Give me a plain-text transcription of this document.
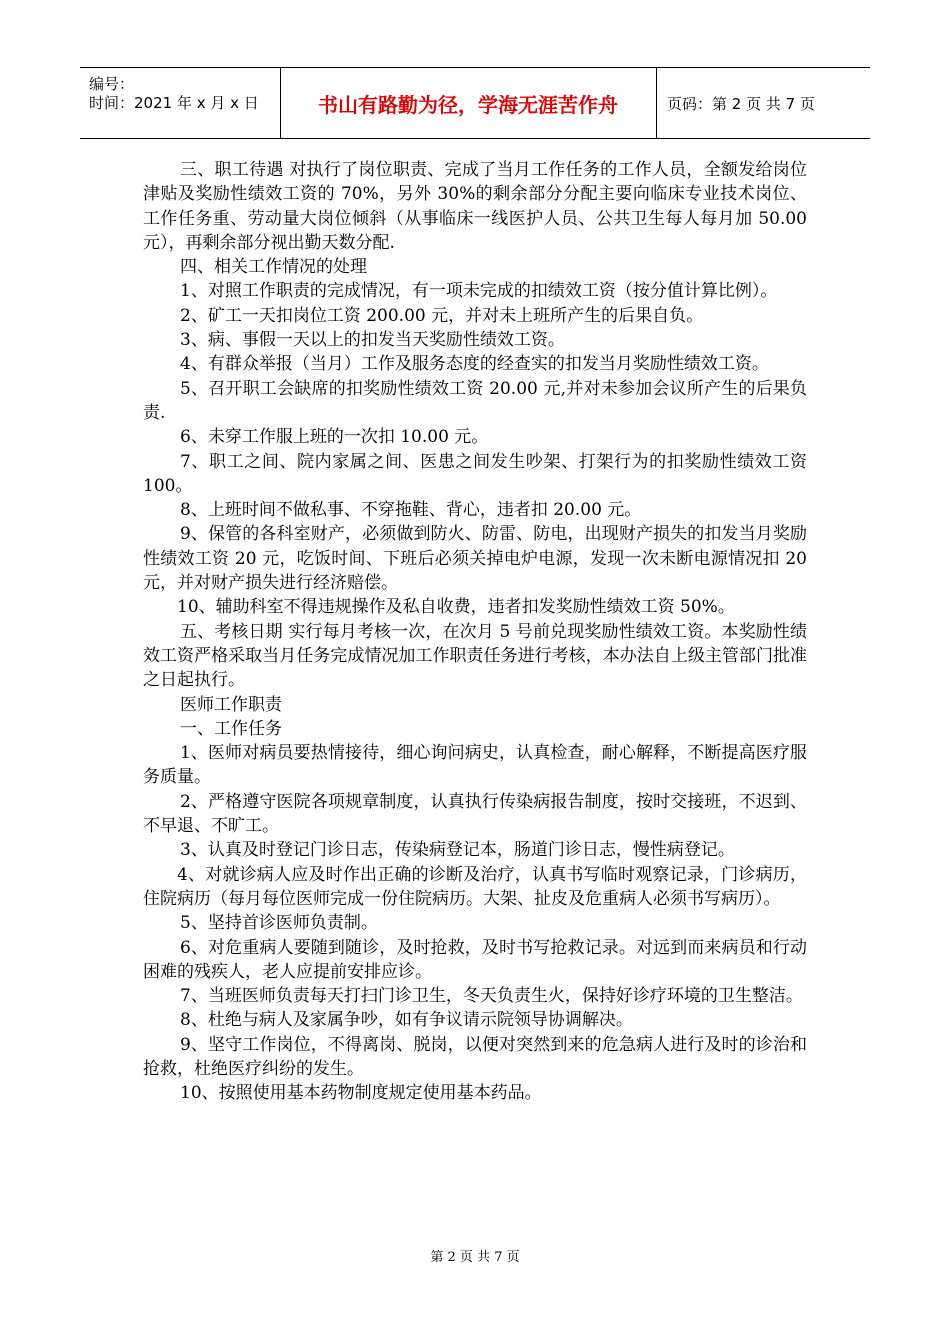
编号：
时间：2021 年 x 月 x 日	书山有路勤为径，学海无涯苦作舟	页码：第 2 页 共 7 页

三、职工待遇 对执行了岗位职责、完成了当月工作任务的工作人员，全额发给岗位津贴及奖励性绩效工资的 70%，另外 30%的剩余部分分配主要向临床专业技术岗位、工作任务重、劳动量大岗位倾斜（从事临床一线医护人员、公共卫生每人每月加 50.00 元），再剩余部分视出勤天数分配.

四、相关工作情况的处理

1、对照工作职责的完成情况，有一项未完成的扣绩效工资（按分值计算比例）。

2、矿工一天扣岗位工资 200.00 元，并对未上班所产生的后果自负。

3、病、事假一天以上的扣发当天奖励性绩效工资。

4、有群众举报（当月）工作及服务态度的经查实的扣发当月奖励性绩效工资。

5、召开职工会缺席的扣奖励性绩效工资 20.00 元,并对未参加会议所产生的后果负责.

6、未穿工作服上班的一次扣 10.00 元。

7、职工之间、院内家属之间、医患之间发生吵架、打架行为的扣奖励性绩效工资 100。

8、上班时间不做私事、不穿拖鞋、背心，违者扣 20.00 元。

9、保管的各科室财产，必须做到防火、防雷、防电，出现财产损失的扣发当月奖励性绩效工资 20 元，吃饭时间、下班后必须关掉电炉电源，发现一次未断电源情况扣 20 元，并对财产损失进行经济赔偿。

10、辅助科室不得违规操作及私自收费，违者扣发奖励性绩效工资 50%。

五、考核日期 实行每月考核一次，在次月 5 号前兑现奖励性绩效工资。本奖励性绩效工资严格采取当月任务完成情况加工作职责任务进行考核，本办法自上级主管部门批准之日起执行。

医师工作职责

一、工作任务

1、医师对病员要热情接待，细心询问病史，认真检查，耐心解释，不断提高医疗服务质量。

2、严格遵守医院各项规章制度，认真执行传染病报告制度，按时交接班，不迟到、不早退、不旷工。

3、认真及时登记门诊日志，传染病登记本，肠道门诊日志，慢性病登记。

4、对就诊病人应及时作出正确的诊断及治疗，认真书写临时观察记录，门诊病历，住院病历（每月每位医师完成一份住院病历。大架、扯皮及危重病人必须书写病历）。

5、坚持首诊医师负责制。

6、对危重病人要随到随诊，及时抢救，及时书写抢救记录。对远到而来病员和行动困难的残疾人，老人应提前安排应诊。

7、当班医师负责每天打扫门诊卫生，冬天负责生火，保持好诊疗环境的卫生整洁。

8、杜绝与病人及家属争吵，如有争议请示院领导协调解决。

9、坚守工作岗位，不得离岗、脱岗，以便对突然到来的危急病人进行及时的诊治和抢救，杜绝医疗纠纷的发生。

10、按照使用基本药物制度规定使用基本药品。

第 2 页 共 7 页
